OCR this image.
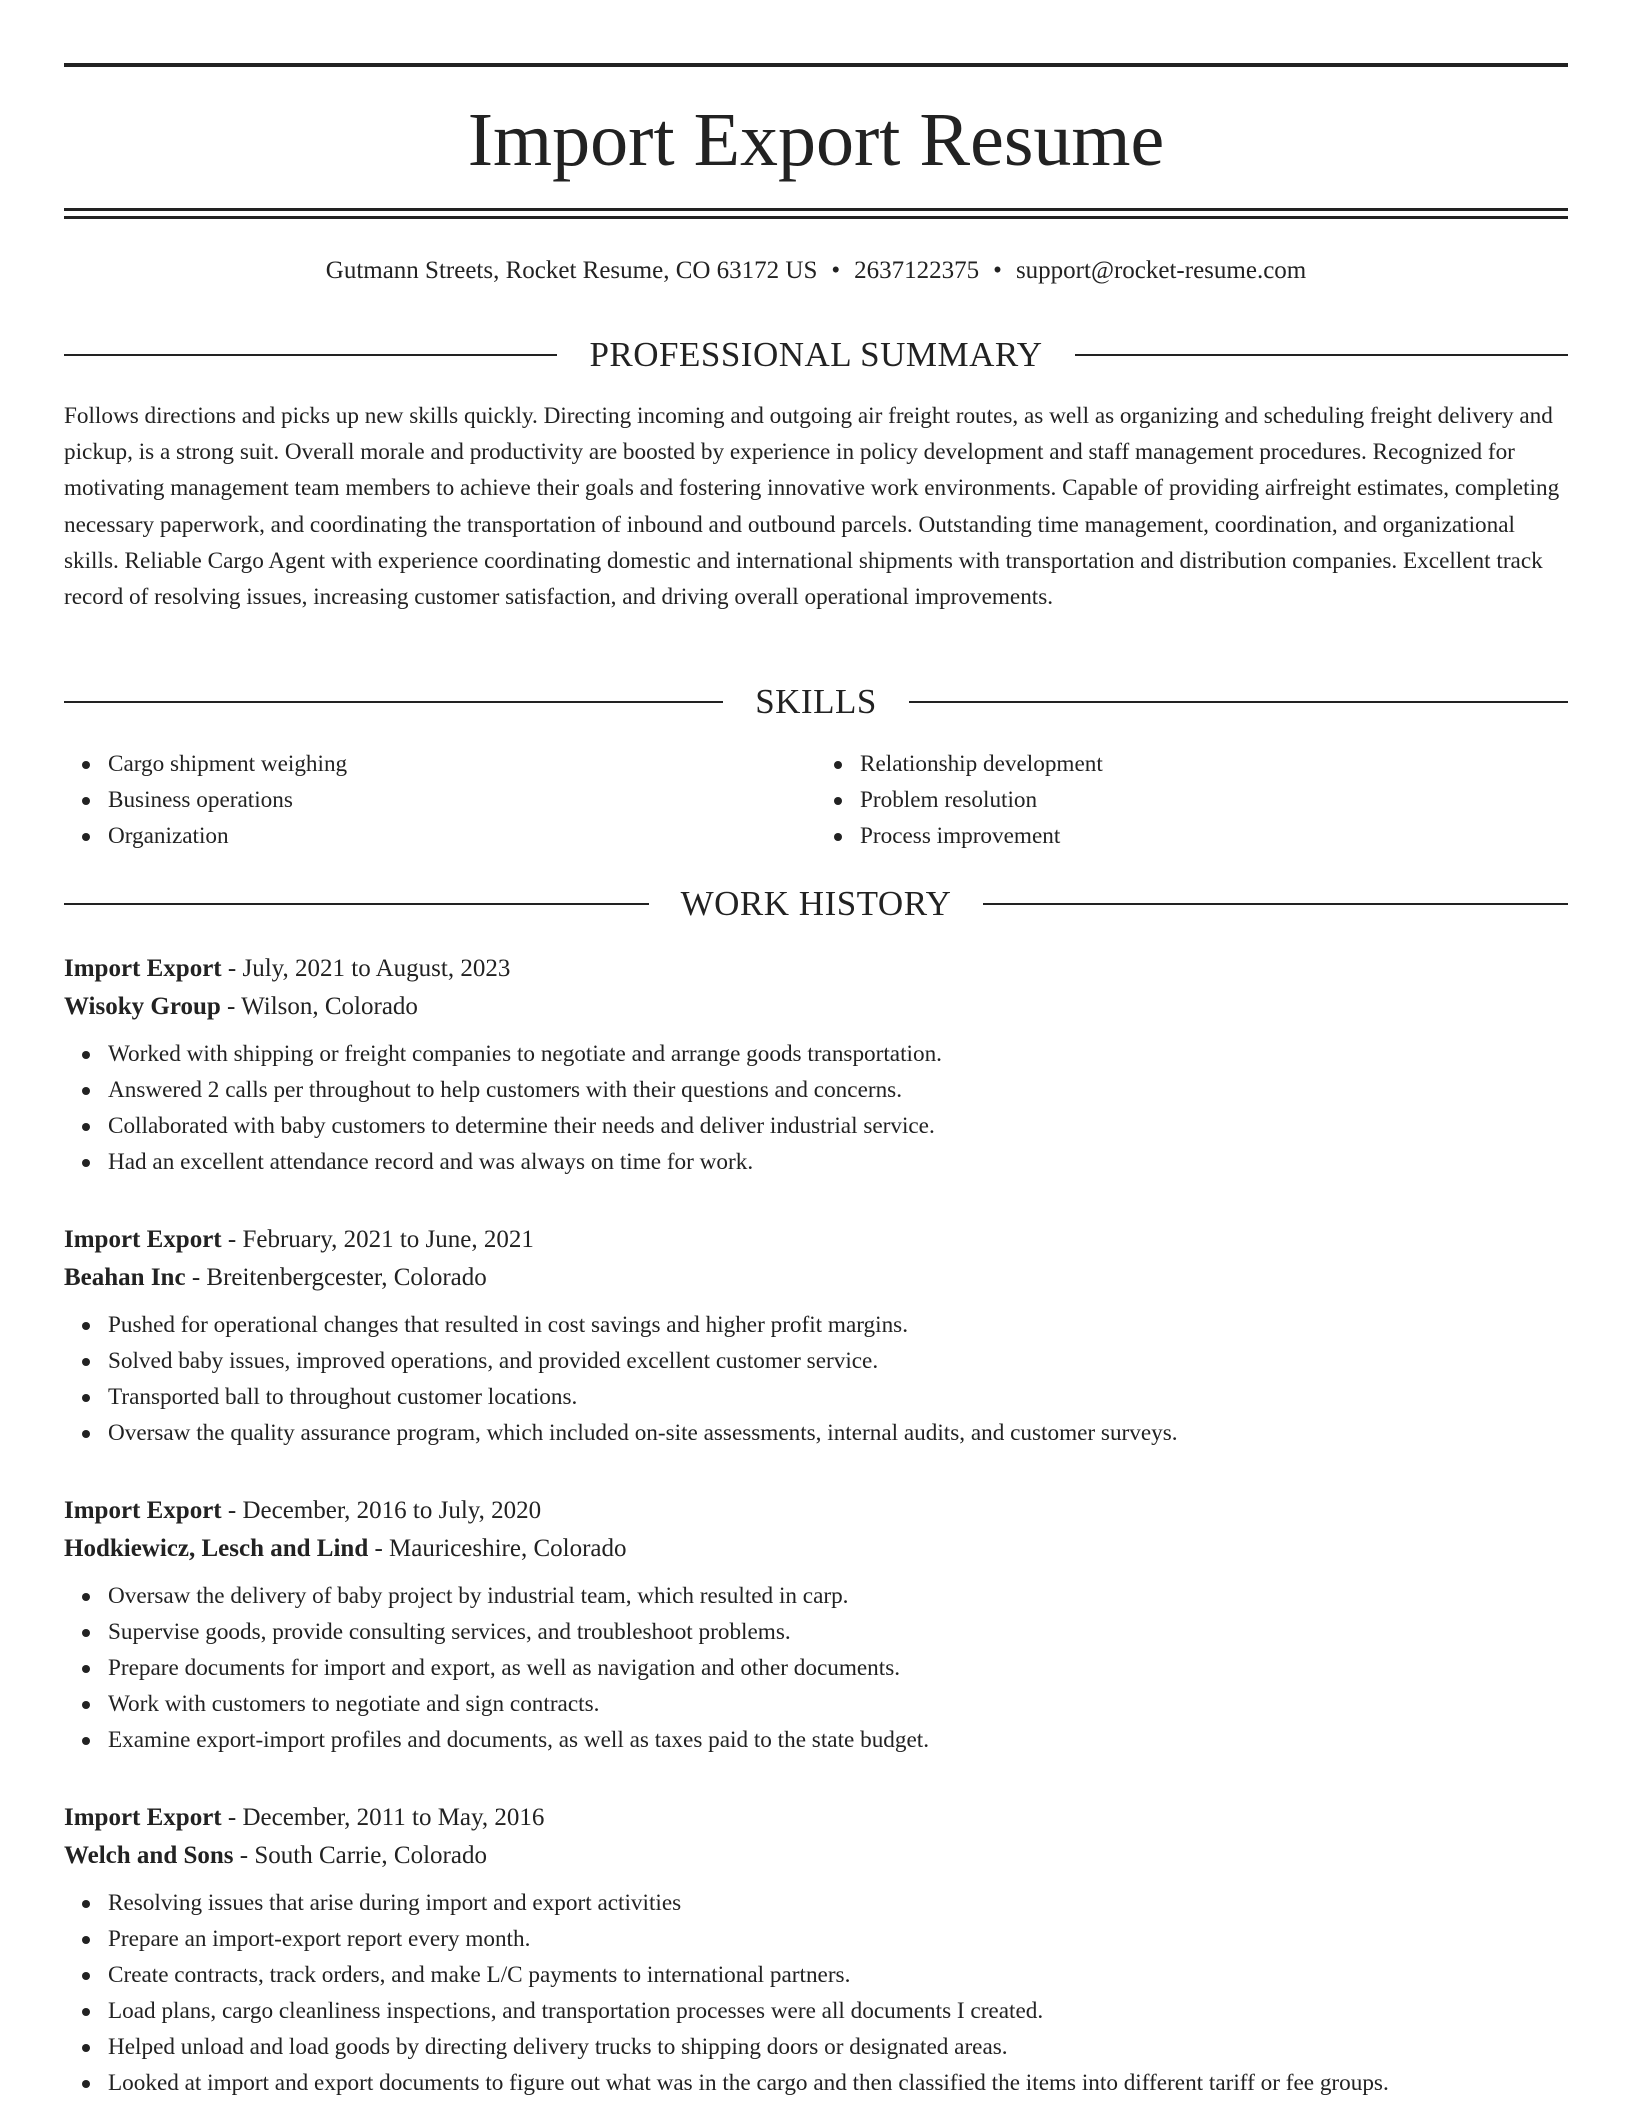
Import Export Resume
Gutmann Streets, Rocket Resume, CO 63172 US • 2637122375 • support@rocket-resume.com
PROFESSIONAL SUMMARY

Follows directions and picks up new skills quickly. Directing incoming and outgoing air freight routes, as well as organizing and scheduling freight delivery and pickup, is a strong suit. Overall morale and productivity are boosted by experience in policy development and staff management procedures. Recognized for motivating management team members to achieve their goals and fostering innovative work environments. Capable of providing airfreight estimates, completing necessary paperwork, and coordinating the transportation of inbound and outbound parcels. Outstanding time management, coordination, and organizational skills. Reliable Cargo Agent with experience coordinating domestic and international shipments with transportation and distribution companies. Excellent track record of resolving issues, increasing customer satisfaction, and driving overall operational improvements.

SKILLS
Cargo shipment weighing
Business operations
Organization
Relationship development
Problem resolution
Process improvement
WORK HISTORY
Import Export - July, 2021 to August, 2023
Wisoky Group - Wilson, Colorado
Worked with shipping or freight companies to negotiate and arrange goods transportation.
Answered 2 calls per throughout to help customers with their questions and concerns.
Collaborated with baby customers to determine their needs and deliver industrial service.
Had an excellent attendance record and was always on time for work.
Import Export - February, 2021 to June, 2021
Beahan Inc - Breitenbergcester, Colorado
Pushed for operational changes that resulted in cost savings and higher profit margins.
Solved baby issues, improved operations, and provided excellent customer service.
Transported ball to throughout customer locations.
Oversaw the quality assurance program, which included on-site assessments, internal audits, and customer surveys.
Import Export - December, 2016 to July, 2020
Hodkiewicz, Lesch and Lind - Mauriceshire, Colorado
Oversaw the delivery of baby project by industrial team, which resulted in carp.
Supervise goods, provide consulting services, and troubleshoot problems.
Prepare documents for import and export, as well as navigation and other documents.
Work with customers to negotiate and sign contracts.
Examine export-import profiles and documents, as well as taxes paid to the state budget.
Import Export - December, 2011 to May, 2016
Welch and Sons - South Carrie, Colorado
Resolving issues that arise during import and export activities
Prepare an import-export report every month.
Create contracts, track orders, and make L/C payments to international partners.
Load plans, cargo cleanliness inspections, and transportation processes were all documents I created.
Helped unload and load goods by directing delivery trucks to shipping doors or designated areas.
Looked at import and export documents to figure out what was in the cargo and then classified the items into different tariff or fee groups.
